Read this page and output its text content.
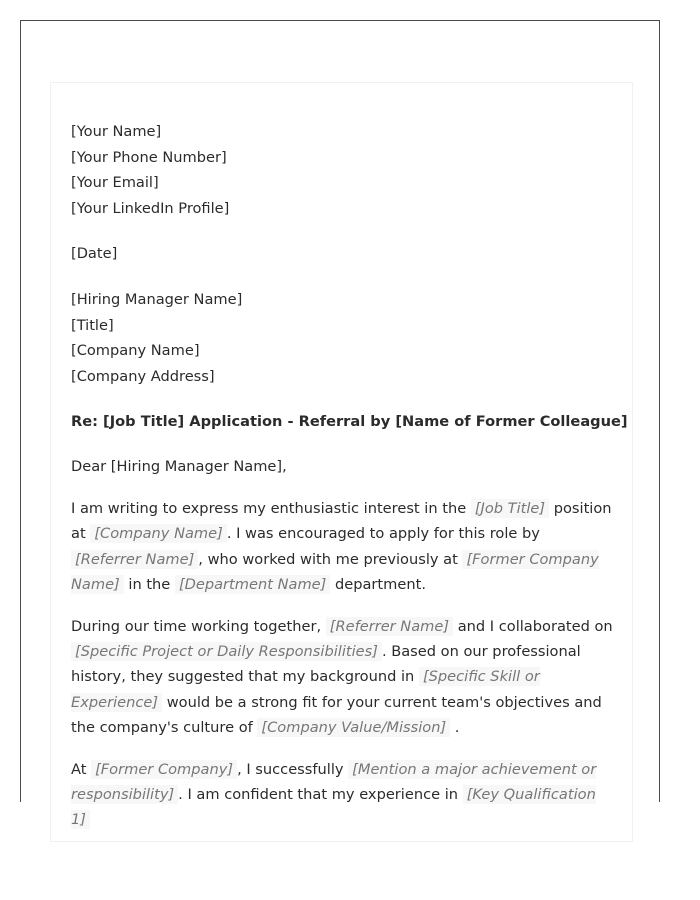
[Your Name]
[Your Phone Number]
[Your Email]
[Your LinkedIn Profile]
[Date]
[Hiring Manager Name]
[Title]
[Company Name]
[Company Address]
Re: [Job Title] Application - Referral by [Name of Former Colleague]
Dear [Hiring Manager Name],

I am writing to express my enthusiastic interest in the [Job Title] position at [Company Name] . I was encouraged to apply for this role by [Referrer Name] , who worked with me previously at [Former Company Name] in the [Department Name] department.

During our time working together, [Referrer Name] and I collaborated on [Specific Project or Daily Responsibilities] . Based on our professional history, they suggested that my background in [Specific Skill or Experience] would be a strong fit for your current team's objectives and the company's culture of [Company Value/Mission] .

At [Former Company] , I successfully [Mention a major achievement or responsibility] . I am confident that my experience in [Key Qualification 1]
